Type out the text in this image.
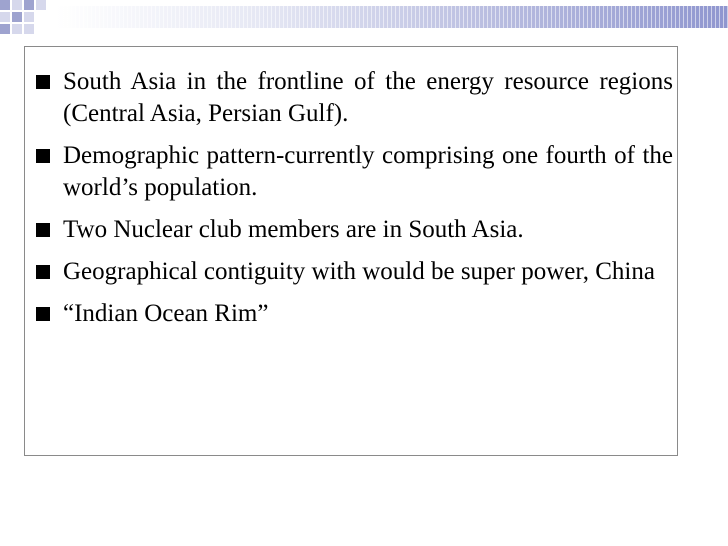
South Asia in the frontline of the energy resource regions (Central Asia, Persian Gulf).
Demographic pattern-currently comprising one fourth of the world’s population.
Two Nuclear club members are in South Asia.
Geographical contiguity with would be super power, China
“Indian Ocean Rim”
